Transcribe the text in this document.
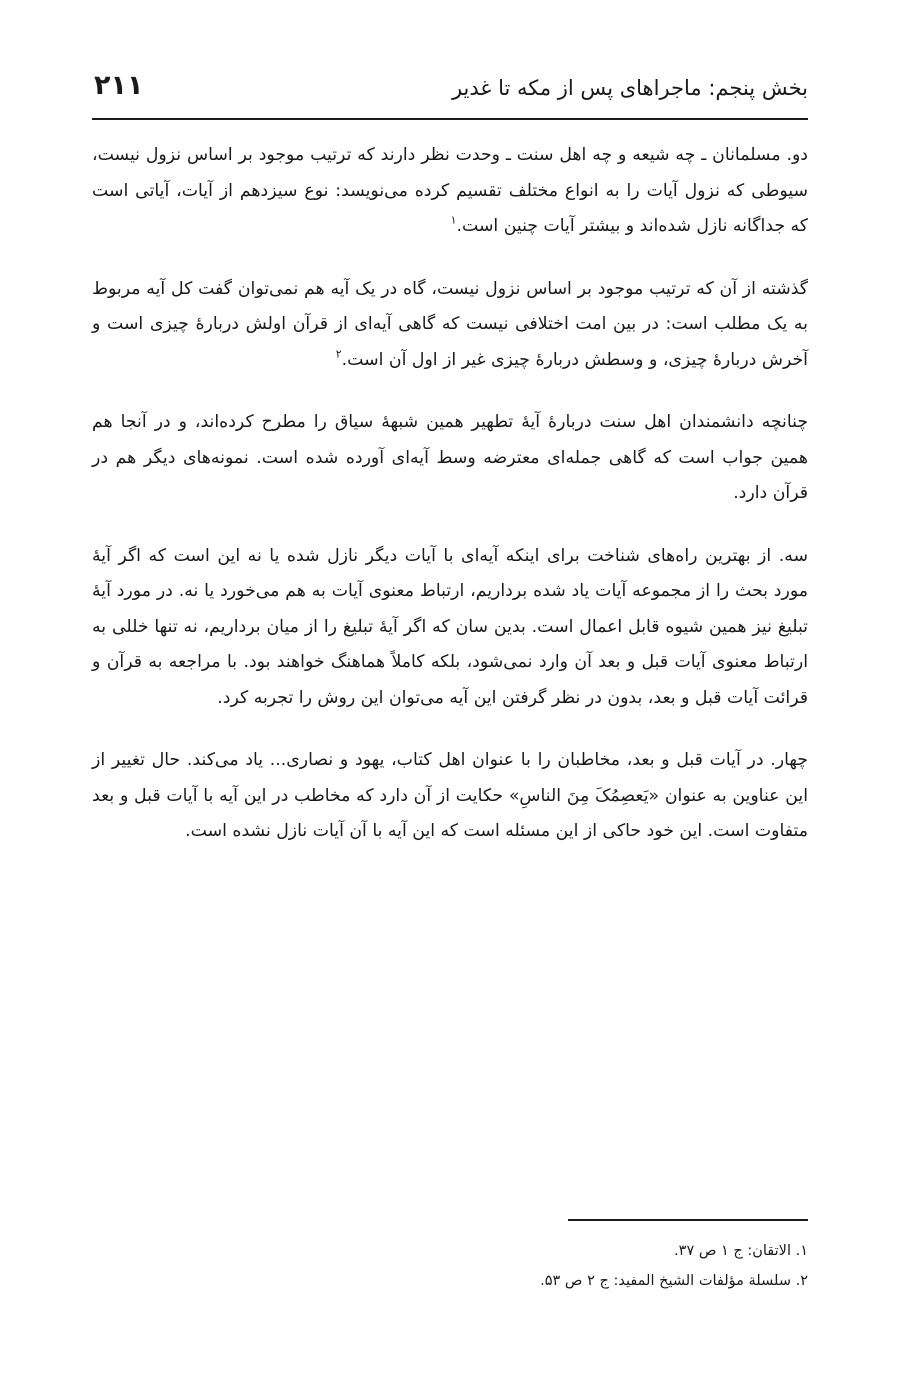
بخش پنجم: ماجراهای پس از مکه تا غدیر
۲۱۱

دو. مسلمانان ـ چه شیعه و چه اهل سنت ـ وحدت نظر دارند که ترتیب موجود بر اساس نزول نیست، سیوطی که نزول آیات را به انواع مختلف تقسیم کرده می‌نویسد: نوع سیزدهم از آیات، آیاتی است که جداگانه نازل شده‌اند و بیشتر آیات چنین است.$^۱$

گذشته از آن که ترتیب موجود بر اساس نزول نیست، گاه در یک آیه هم نمی‌توان گفت کل آیه مربوط به یک مطلب است: در بین امت اختلافی نیست که گاهی آیه‌ای از قرآن اولش دربارهٔ چیزی است و آخرش دربارهٔ چیزی، و وسطش دربارهٔ چیزی غیر از اول آن است.$^۲$

چنانچه دانشمندان اهل سنت دربارهٔ آیهٔ تطهیر همین شبههٔ سیاق را مطرح کرده‌اند، و در آنجا هم همین جواب است که گاهی جمله‌ای معترضه وسط آیه‌ای آورده شده است. نمونه‌های دیگر هم در قرآن دارد.

سه. از بهترین راه‌های شناخت برای اینکه آیه‌ای با آیات دیگر نازل شده یا نه این است که اگر آیهٔ مورد بحث را از مجموعه آیات یاد شده برداریم، ارتباط معنوی آیات به هم می‌خورد یا نه. در مورد آیهٔ تبلیغ نیز همین شیوه قابل اعمال است. بدین سان که اگر آیهٔ تبلیغ را از میان برداریم، نه تنها خللی به ارتباط معنوی آیات قبل و بعد آن وارد نمی‌شود، بلکه کاملاً هماهنگ خواهند بود. با مراجعه به قرآن و قرائت آیات قبل و بعد، بدون در نظر گرفتن این آیه می‌توان این روش را تجربه کرد.

چهار. در آیات قبل و بعد، مخاطبان را با عنوان اهل کتاب، یهود و نصاری... یاد می‌کند. حال تغییر از این عناوین به عنوان «يَعصِمُکَ مِنَ الناسِ» حکایت از آن دارد که مخاطب در این آیه با آیات قبل و بعد متفاوت است. این خود حاکی از این مسئله است که این آیه با آن آیات نازل نشده است.

۱. الاتقان: ج ۱ ص ۳۷.
۲. سلسلة مؤلفات الشيخ المفيد: ج ۲ ص ۵۳.
